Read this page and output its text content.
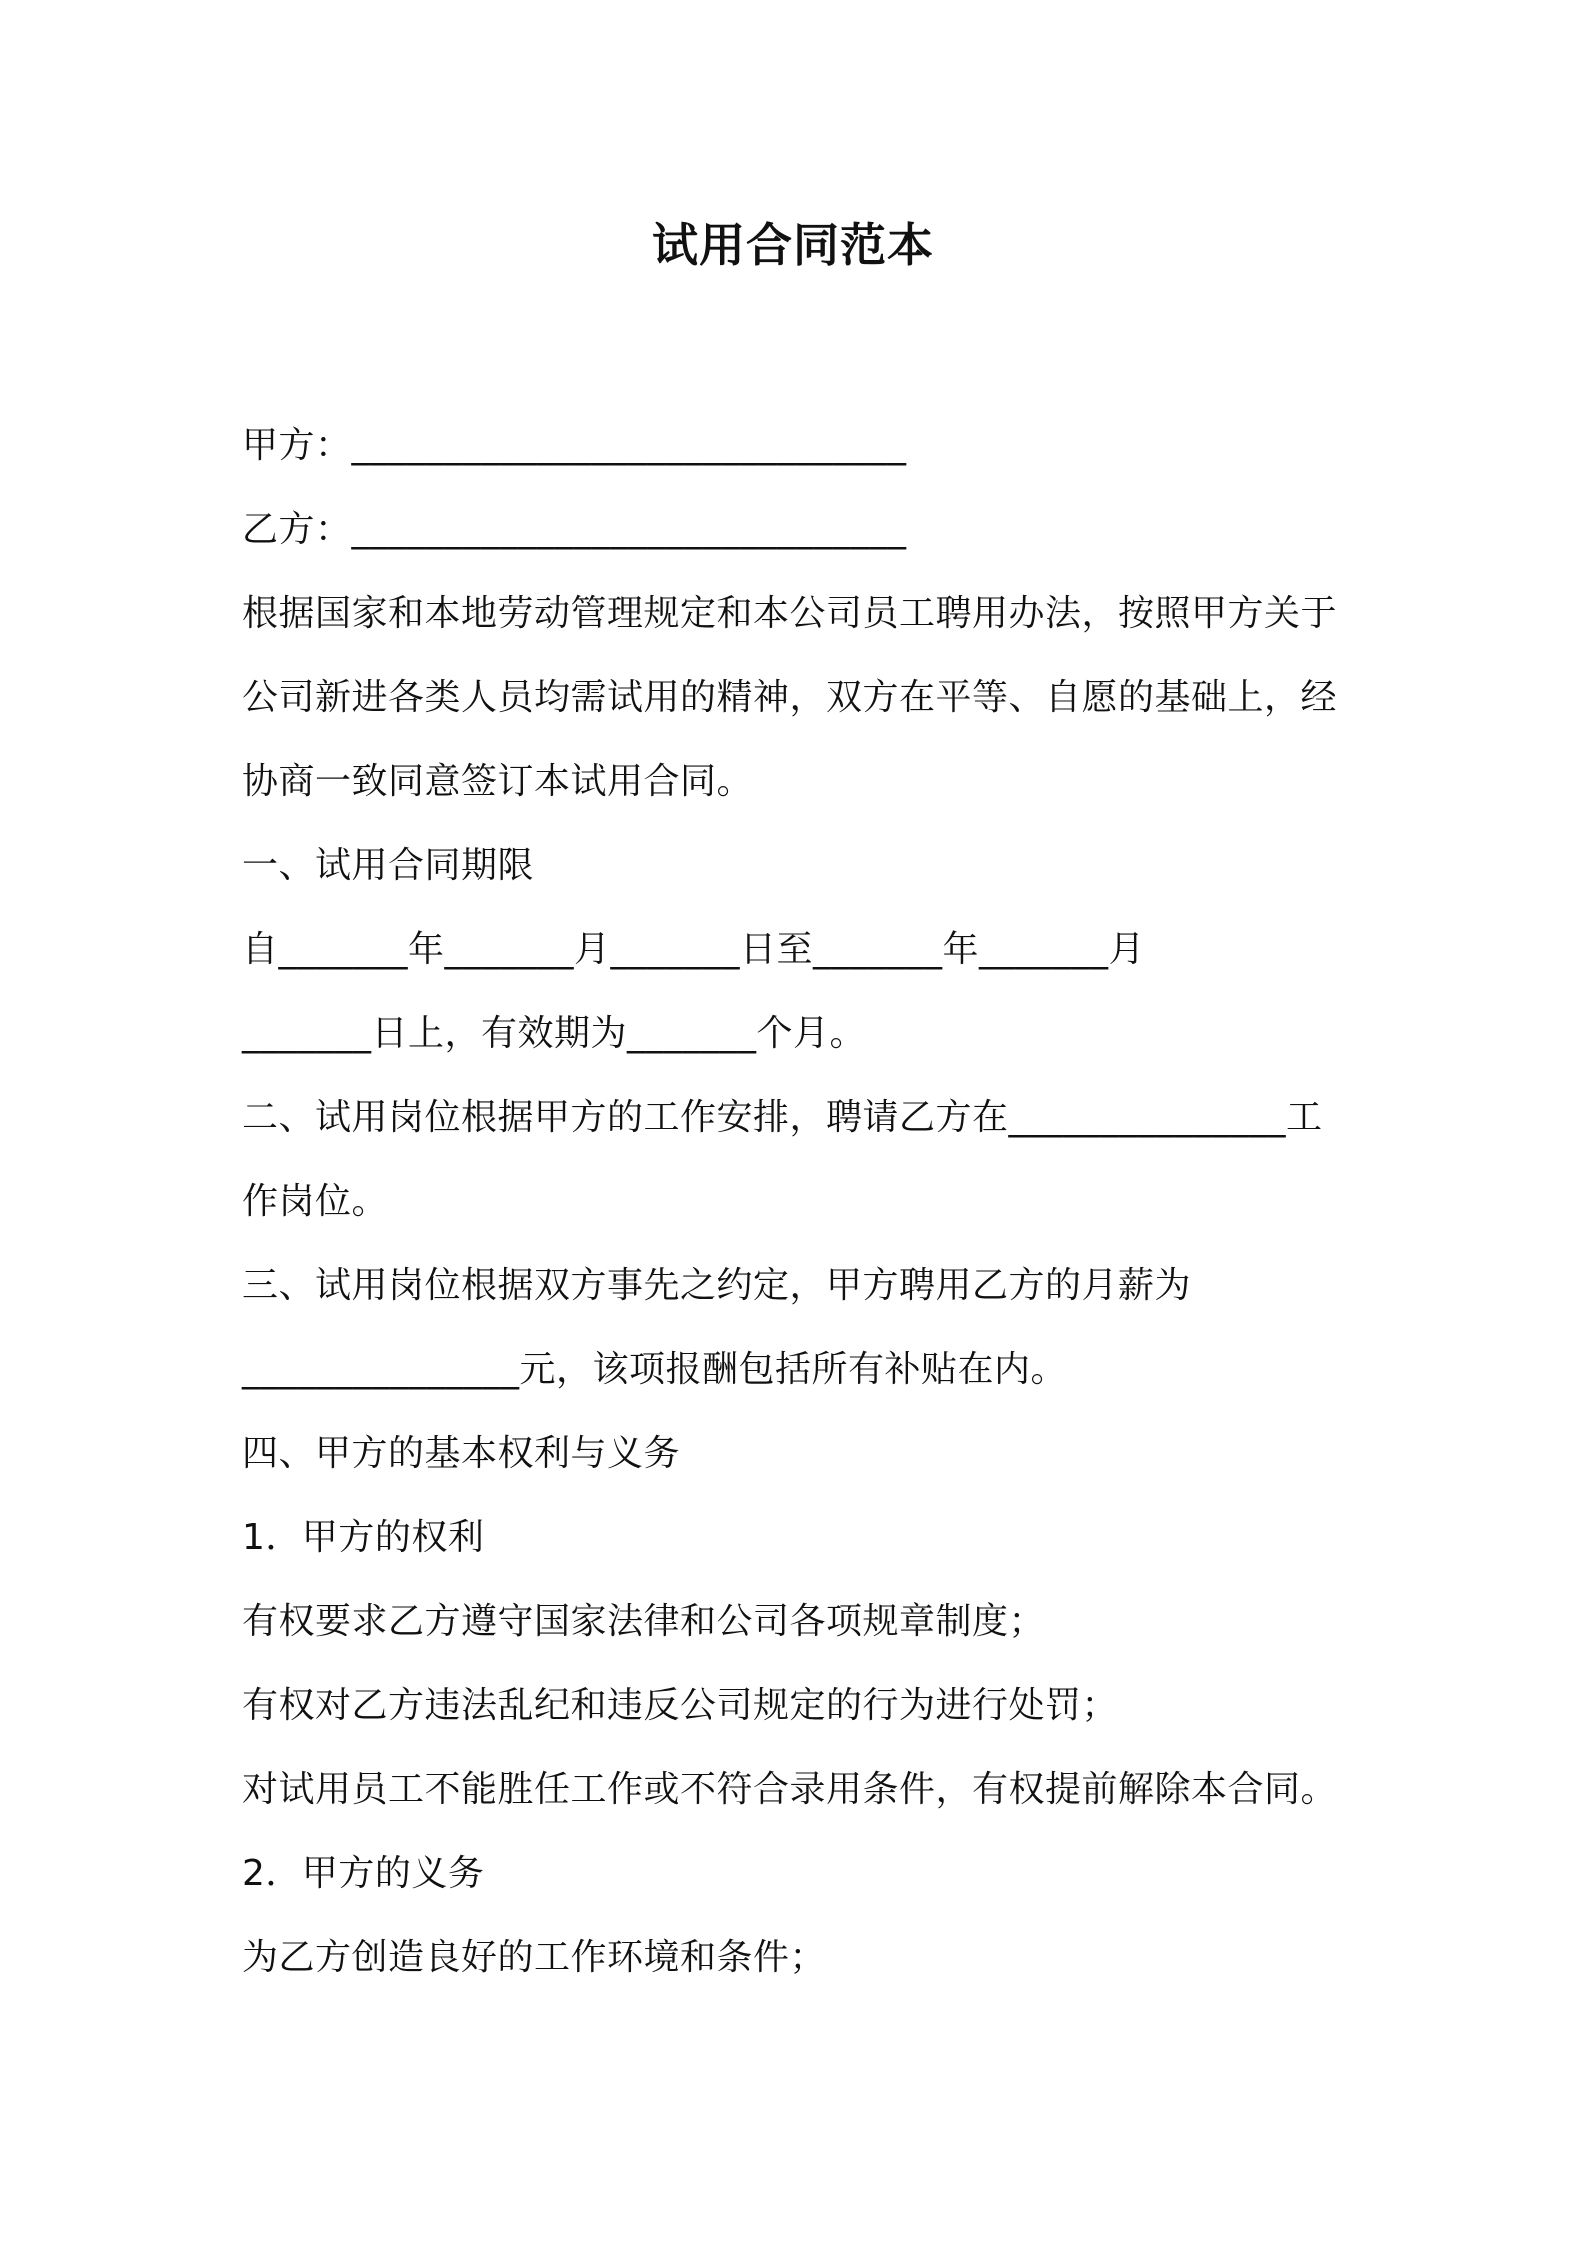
试用合同范本
甲方：______________________________
乙方：______________________________
根据国家和本地劳动管理规定和本公司员工聘用办法，按照甲方关于
公司新进各类人员均需试用的精神，双方在平等、自愿的基础上，经
协商一致同意签订本试用合同。
一、试用合同期限
自_______年_______月_______日至_______年_______月
_______日上，有效期为_______个月。
二、试用岗位根据甲方的工作安排，聘请乙方在_______________工
作岗位。
三、试用岗位根据双方事先之约定，甲方聘用乙方的月薪为
_______________元，该项报酬包括所有补贴在内。
四、甲方的基本权利与义务
1．甲方的权利
有权要求乙方遵守国家法律和公司各项规章制度；
有权对乙方违法乱纪和违反公司规定的行为进行处罚；
对试用员工不能胜任工作或不符合录用条件，有权提前解除本合同。
2．甲方的义务
为乙方创造良好的工作环境和条件；
